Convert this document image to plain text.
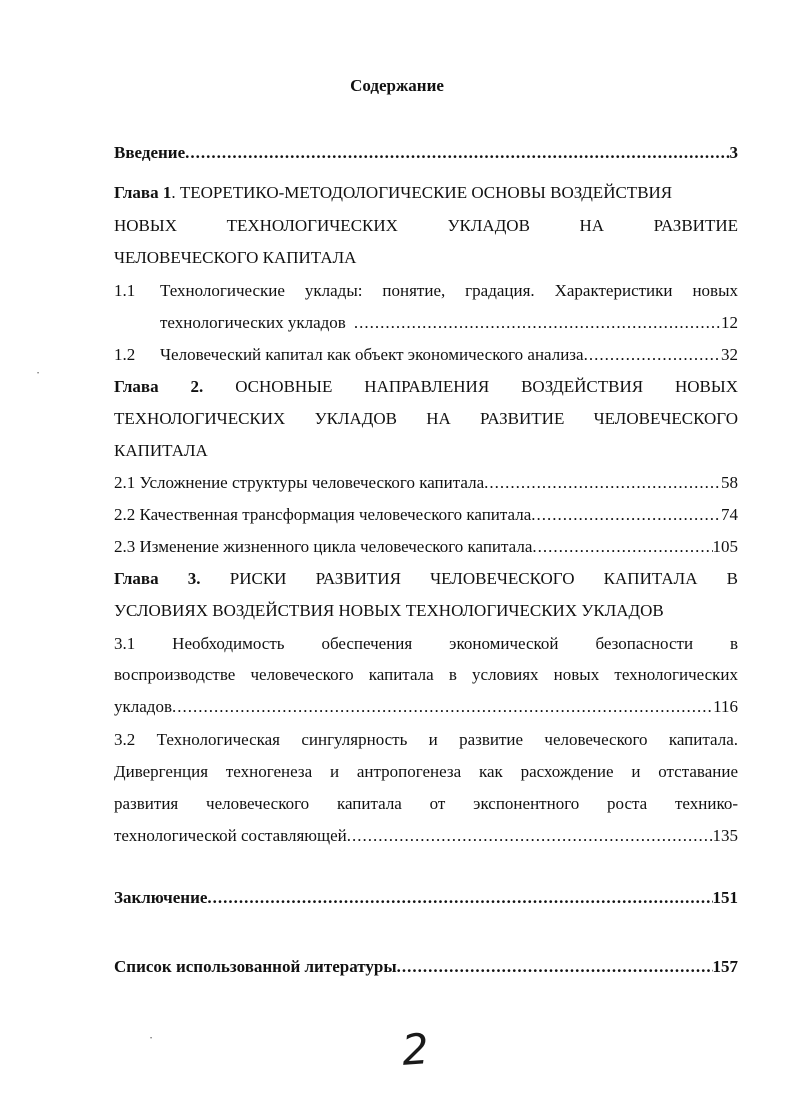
Содержание
Введение .....	3
Глава 1. ТЕОРЕТИКО-МЕТОДОЛОГИЧЕСКИЕ ОСНОВЫ ВОЗДЕЙСТВИЯ
НОВЫХ ТЕХНОЛОГИЧЕСКИХ УКЛАДОВ НА РАЗВИТИЕ
ЧЕЛОВЕЧЕСКОГО КАПИТАЛА
1.1 Технологические уклады: понятие, градация. Характеристики новых
технологических укладов .....	12
1.2 Человеческий капитал как объект экономического анализа .....	32
Глава 2. ОСНОВНЫЕ НАПРАВЛЕНИЯ ВОЗДЕЙСТВИЯ НОВЫХ
ТЕХНОЛОГИЧЕСКИХ УКЛАДОВ НА РАЗВИТИЕ ЧЕЛОВЕЧЕСКОГО
КАПИТАЛА
2.1 Усложнение структуры человеческого капитала .....	58
2.2 Качественная трансформация человеческого капитала .....	74
2.3 Изменение жизненного цикла человеческого капитала .....	105
Глава 3. РИСКИ РАЗВИТИЯ ЧЕЛОВЕЧЕСКОГО КАПИТАЛА В
УСЛОВИЯХ ВОЗДЕЙСТВИЯ НОВЫХ ТЕХНОЛОГИЧЕСКИХ УКЛАДОВ
3.1 Необходимость обеспечения экономической безопасности в
воспроизводстве человеческого капитала в условиях новых технологических
укладов .....	116
3.2 Технологическая сингулярность и развитие человеческого капитала.
Дивергенция техногенеза и антропогенеза как расхождение и отставание
развития человеческого капитала от экспонентного роста технико-
технологической составляющей .....	135
Заключение .....	151
Список использованной литературы .....	157
•
•	2
